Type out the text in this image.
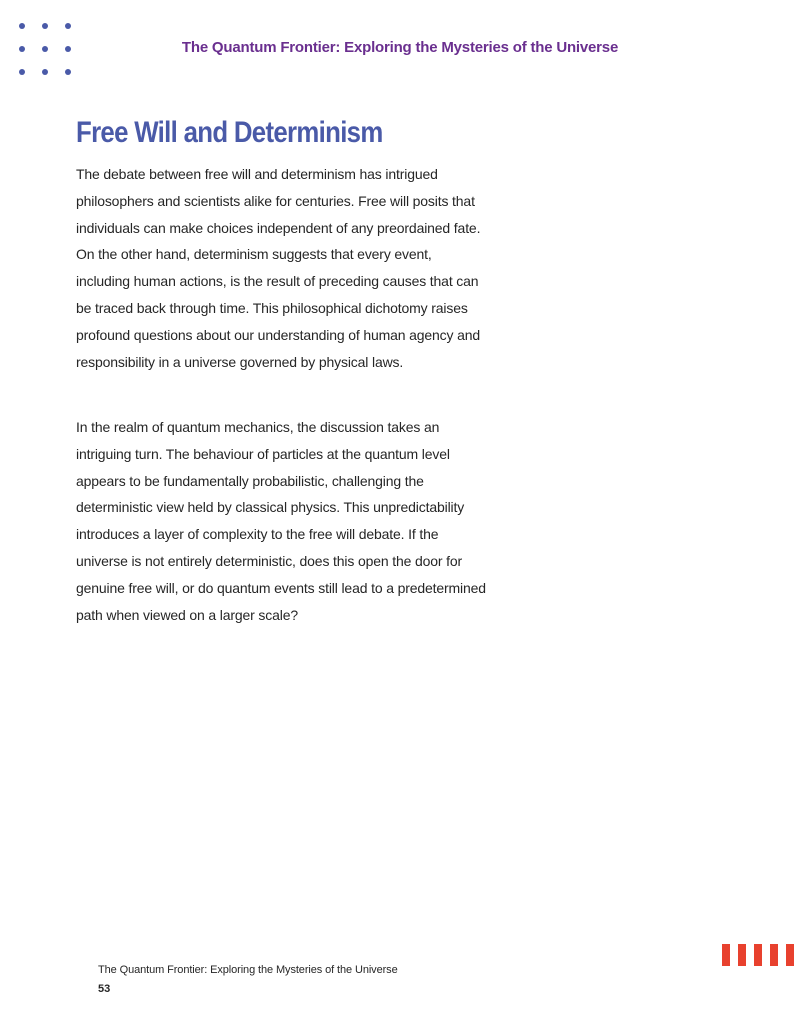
The Quantum Frontier: Exploring the Mysteries of the Universe
Free Will and Determinism

The debate between free will and determinism has intrigued philosophers and scientists alike for centuries. Free will posits that individuals can make choices independent of any preordained fate. On the other hand, determinism suggests that every event, including human actions, is the result of preceding causes that can be traced back through time. This philosophical dichotomy raises profound questions about our understanding of human agency and responsibility in a universe governed by physical laws.

In the realm of quantum mechanics, the discussion takes an intriguing turn. The behaviour of particles at the quantum level appears to be fundamentally probabilistic, challenging the deterministic view held by classical physics. This unpredictability introduces a layer of complexity to the free will debate. If the universe is not entirely deterministic, does this open the door for genuine free will, or do quantum events still lead to a predetermined path when viewed on a larger scale?

The Quantum Frontier: Exploring the Mysteries of the Universe
53
